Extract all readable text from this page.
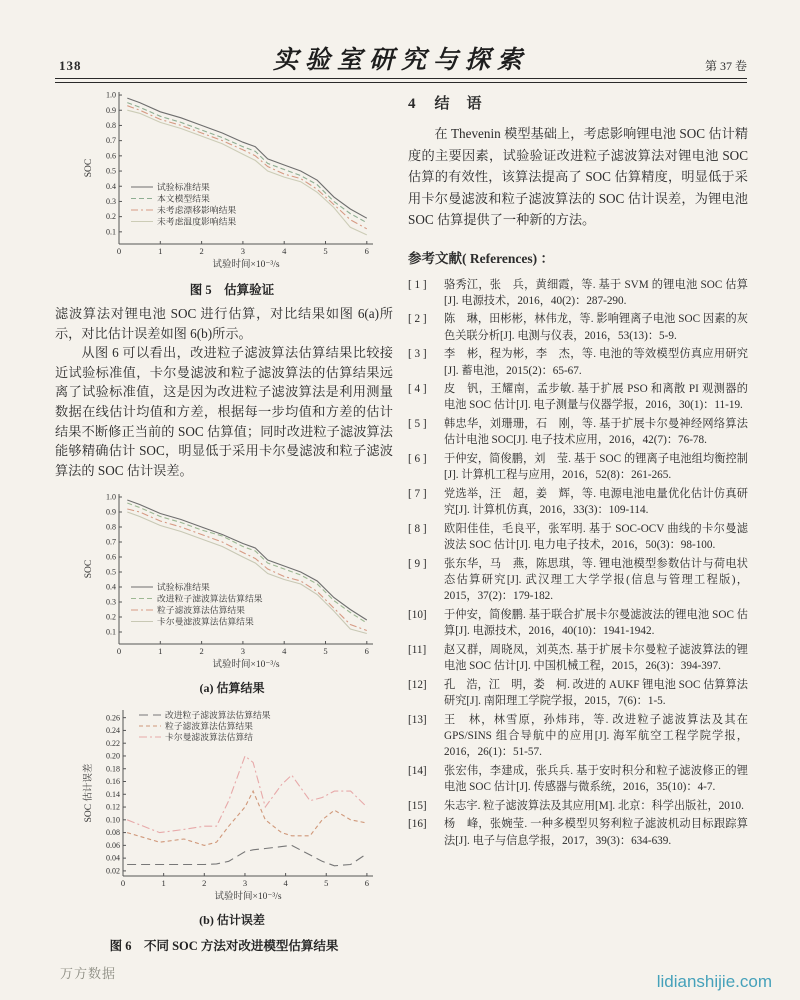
138	实验室研究与探索	第 37 卷
0.1
0.2
0.3
0.4
0.5
0.6
0.7
0.8
0.9
1.0
0	1	2	3	4	5	6
试验时间×10⁻³/s
SOC
试验标准结果
本文模型结果
未考虑漂移影响结果
未考虑温度影响结果
图 5　估算验证

滤波算法对锂电池 SOC 进行估算，对比结果如图 6(a)所示，对比估计误差如图 6(b)所示。

从图 6 可以看出，改进粒子滤波算法估算结果比较接近试验标准值，卡尔曼滤波和粒子滤波算法的估算结果远离了试验标准值，这是因为改进粒子滤波算法是利用测量数据在线估计均值和方差，根据每一步均值和方差的估计结果不断修正当前的 SOC 估算值；同时改进粒子滤波算法能够精确估计 SOC，明显低于采用卡尔曼滤波和粒子滤波算法的 SOC 估计误差。

0.1
0.2
0.3
0.4
0.5
0.6
0.7
0.8
0.9
1.0
0	1	2	3	4	5	6
试验时间×10⁻³/s
SOC
试验标准结果
改进粒子滤波算法估算结果
粒子滤波算法估算结果
卡尔曼滤波算法估算结果
(a) 估算结果
0.02
0.04
0.06
0.08
0.10
0.12
0.14
0.16
0.18
0.20
0.22
0.24
0.26
0	1	2	3	4	5	6
试验时间×10⁻³/s
SOC 估计误差
改进粒子滤波算法估算结果
粒子滤波算法估算结果
卡尔曼滤波算法估算结
(b) 估计误差
图 6　不同 SOC 方法对改进模型估算结果
4 结　语

在 Thevenin 模型基础上，考虑影响锂电池 SOC 估计精度的主要因素，试验验证改进粒子滤波算法对锂电池 SOC 估算的有效性，该算法提高了 SOC 估算精度，明显低于采用卡尔曼滤波和粒子滤波算法的 SOC 估计误差，为锂电池 SOC 估算提供了一种新的方法。

参考文献( References) ：
[ 1 ]	骆秀江，张　兵，黄细霞，等. 基于 SVM 的锂电池 SOC 估算[J]. 电源技术，2016，40(2)：287-290.
[ 2 ]	陈　琳，田彬彬，林伟龙，等. 影响锂离子电池 SOC 因素的灰色关联分析[J]. 电测与仪表，2016，53(13)：5-9.
[ 3 ]	李　彬，程为彬，李　杰，等. 电池的等效模型仿真应用研究[J]. 蓄电池，2015(2)：65-67.
[ 4 ]	皮　钒，王耀南，孟步敏. 基于扩展 PSO 和离散 PI 观测器的电池 SOC 估计[J]. 电子测量与仪器学报，2016，30(1)：11-19.
[ 5 ]	韩忠华，刘珊珊，石　刚，等. 基于扩展卡尔曼神经网络算法估计电池 SOC[J]. 电子技术应用，2016，42(7)：76-78.
[ 6 ]	于仲安，简俊鹏，刘　莹. 基于 SOC 的锂离子电池组均衡控制[J]. 计算机工程与应用，2016，52(8)：261-265.
[ 7 ]	党选举，汪　超，姜　辉，等. 电源电池电量优化估计仿真研究[J]. 计算机仿真，2016，33(3)：109-114.
[ 8 ]	欧阳佳佳，毛良平，张军明. 基于 SOC-OCV 曲线的卡尔曼滤波法 SOC 估计[J]. 电力电子技术，2016，50(3)：98-100.
[ 9 ]	张东华，马　燕，陈思琪，等. 锂电池模型参数估计与荷电状态估算研究[J]. 武汉理工大学学报(信息与管理工程版)，2015，37(2)：179-182.
[10]	于仲安，简俊鹏. 基于联合扩展卡尔曼滤波法的锂电池 SOC 估算[J]. 电源技术，2016，40(10)：1941-1942.
[11]	赵又群，周晓凤，刘英杰. 基于扩展卡尔曼粒子滤波算法的锂电池 SOC 估计[J]. 中国机械工程，2015，26(3)：394-397.
[12]	孔　浩，江　明，娄　柯. 改进的 AUKF 锂电池 SOC 估算算法研究[J]. 南阳理工学院学报，2015，7(6)：1-5.
[13]	王　林，林雪原，孙炜玮，等. 改进粒子滤波算法及其在 GPS/SINS 组合导航中的应用[J]. 海军航空工程学院学报，2016，26(1)：51-57.
[14]	张宏伟，李建成，张兵兵. 基于安时积分和粒子滤波修正的锂电池 SOC 估计[J]. 传感器与微系统，2016，35(10)：4-7.
[15]	朱志宇. 粒子滤波算法及其应用[M]. 北京：科学出版社，2010.
[16]	杨　峰，张婉莹. 一种多模型贝努利粒子滤波机动目标跟踪算法[J]. 电子与信息学报，2017，39(3)：634-639.
万方数据	lidianshijie.com
